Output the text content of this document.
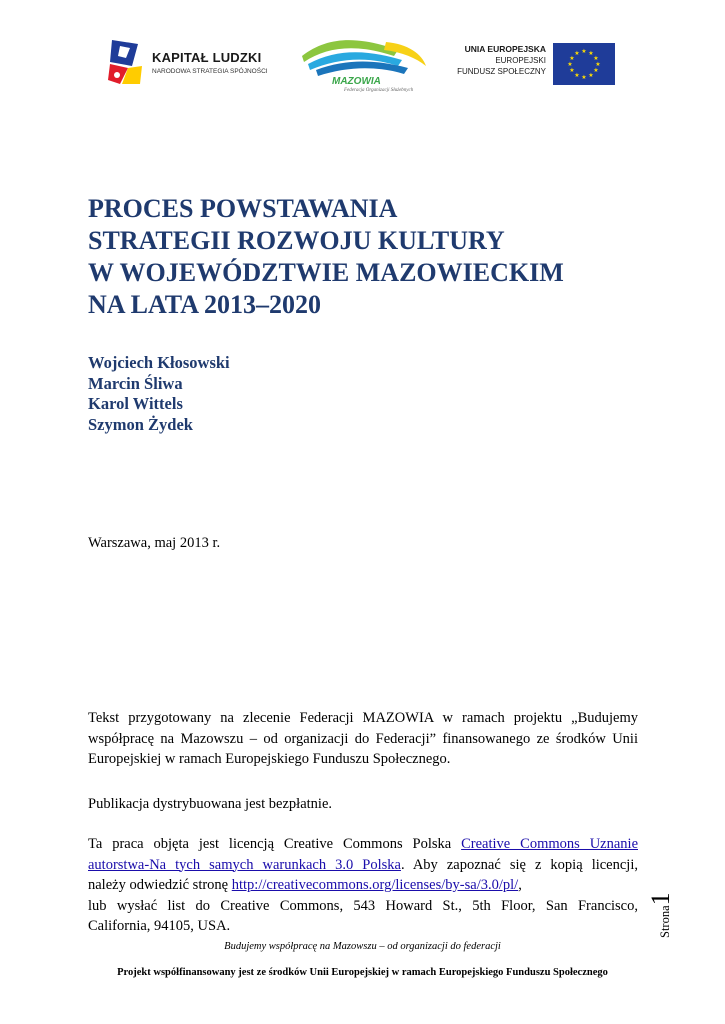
KAPITAŁ LUDZKI
NARODOWA STRATEGIA SPÓJNOŚCI
MAZOWIA
Federacja Organizacji Służebnych
UNIA EUROPEJSKA
EUROPEJSKI
FUNDUSZ SPOŁECZNY
★ ★
★
★
★
★
★
★
★
★
★
★
PROCES POWSTAWANIA
STRATEGII ROZWOJU KULTURY
W WOJEWÓDZTWIE MAZOWIECKIM
NA LATA 2013–2020
Wojciech Kłosowski
Marcin Śliwa
Karol Wittels
Szymon Żydek
Warszawa, maj 2013 r.
Tekst przygotowany na zlecenie Federacji MAZOWIA w ramach projektu „Budujemy
współpracę na Mazowszu – od organizacji do Federacji” finansowanego ze środków Unii
Europejskiej w ramach Europejskiego Funduszu Społecznego.
Publikacja dystrybuowana jest bezpłatnie.
Ta praca objęta jest licencją Creative Commons Polska Creative Commons Uznanie
autorstwa-Na tych samych warunkach 3.0 Polska. Aby zapoznać się z kopią licencji,
należy odwiedzić stronę http://creativecommons.org/licenses/by-sa/3.0/pl/,
lub wysłać list do Creative Commons, 543 Howard St., 5th Floor, San Francisco,
California, 94105, USA.	Strona1
Budujemy współpracę na Mazowszu – od organizacji do federacji
Projekt współfinansowany jest ze środków Unii Europejskiej w ramach Europejskiego Funduszu Społecznego
